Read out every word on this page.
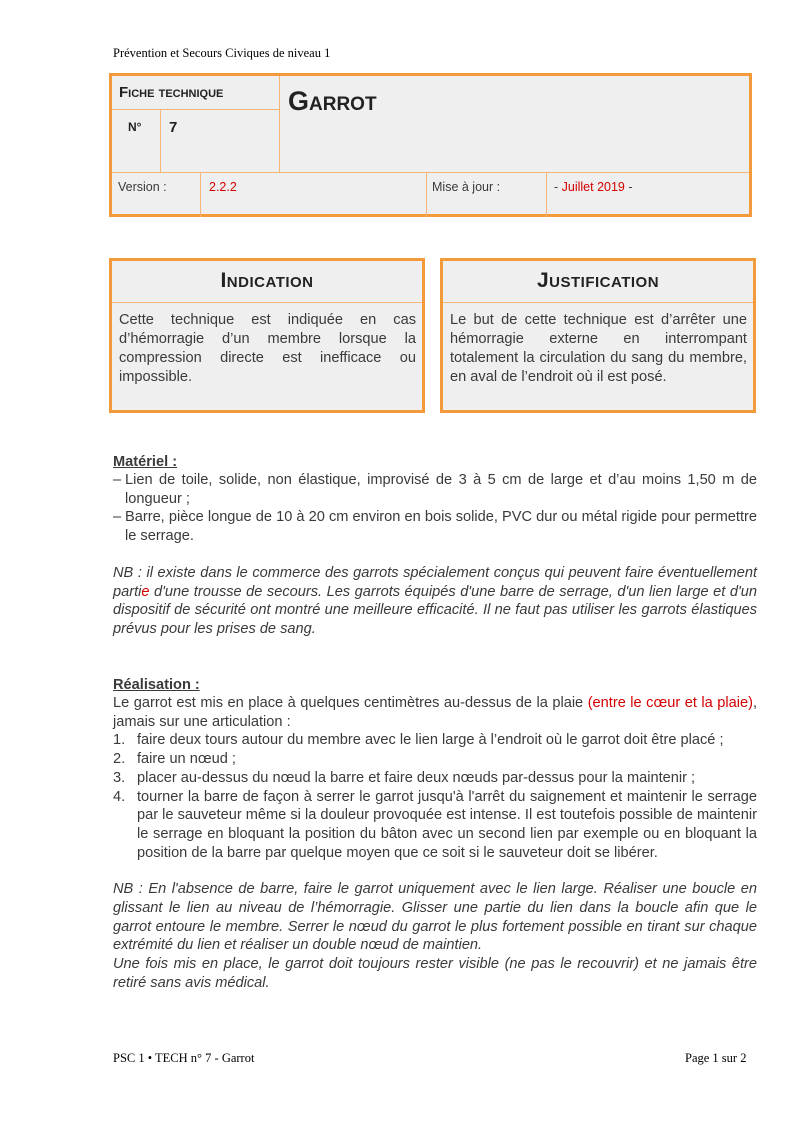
Prévention et Secours Civiques de niveau 1
Fiche technique
N° 7
Garrot
Version :	2.2.2	Mise à jour :	- Juillet 2019 -
Indication
Cette technique est indiquée en cas d’hémorragie d’un membre lorsque la compression directe est inefficace ou impossible.
Justification
Le but de cette technique est d’arrêter une hémorragie externe en interrompant totalement la circulation du sang du membre, en aval de l’endroit où il est posé.
Matériel :
– Lien de toile, solide, non élastique, improvisé de 3 à 5 cm de large et d’au moins 1,50 m de longueur ;
– Barre, pièce longue de 10 à 20 cm environ en bois solide, PVC dur ou métal rigide pour permettre le serrage.
NB : il existe dans le commerce des garrots spécialement conçus qui peuvent faire éventuellement partie d'une trousse de secours. Les garrots équipés d'une barre de serrage, d'un lien large et d'un dispositif de sécurité ont montré une meilleure efficacité. Il ne faut pas utiliser les garrots élastiques prévus pour les prises de sang.
Réalisation :
Le garrot est mis en place à quelques centimètres au-dessus de la plaie (entre le cœur et la plaie), jamais sur une articulation :
1. faire deux tours autour du membre avec le lien large à l’endroit où le garrot doit être placé ;
2. faire un nœud ;
3. placer au-dessus du nœud la barre et faire deux nœuds par-dessus pour la maintenir ;
4. tourner la barre de façon à serrer le garrot jusqu'à l'arrêt du saignement et maintenir le serrage par le sauveteur même si la douleur provoquée est intense. Il est toutefois possible de maintenir le serrage en bloquant la position du bâton avec un second lien par exemple ou en bloquant la position de la barre par quelque moyen que ce soit si le sauveteur doit se libérer.
NB : En l'absence de barre, faire le garrot uniquement avec le lien large. Réaliser une boucle en glissant le lien au niveau de l’hémorragie. Glisser une partie du lien dans la boucle afin que le garrot entoure le membre. Serrer le nœud du garrot le plus fortement possible en tirant sur chaque extrémité du lien et réaliser un double nœud de maintien.
Une fois mis en place, le garrot doit toujours rester visible (ne pas le recouvrir) et ne jamais être retiré sans avis médical.
PSC 1 • TECH n° 7 - Garrot	Page 1 sur 2
